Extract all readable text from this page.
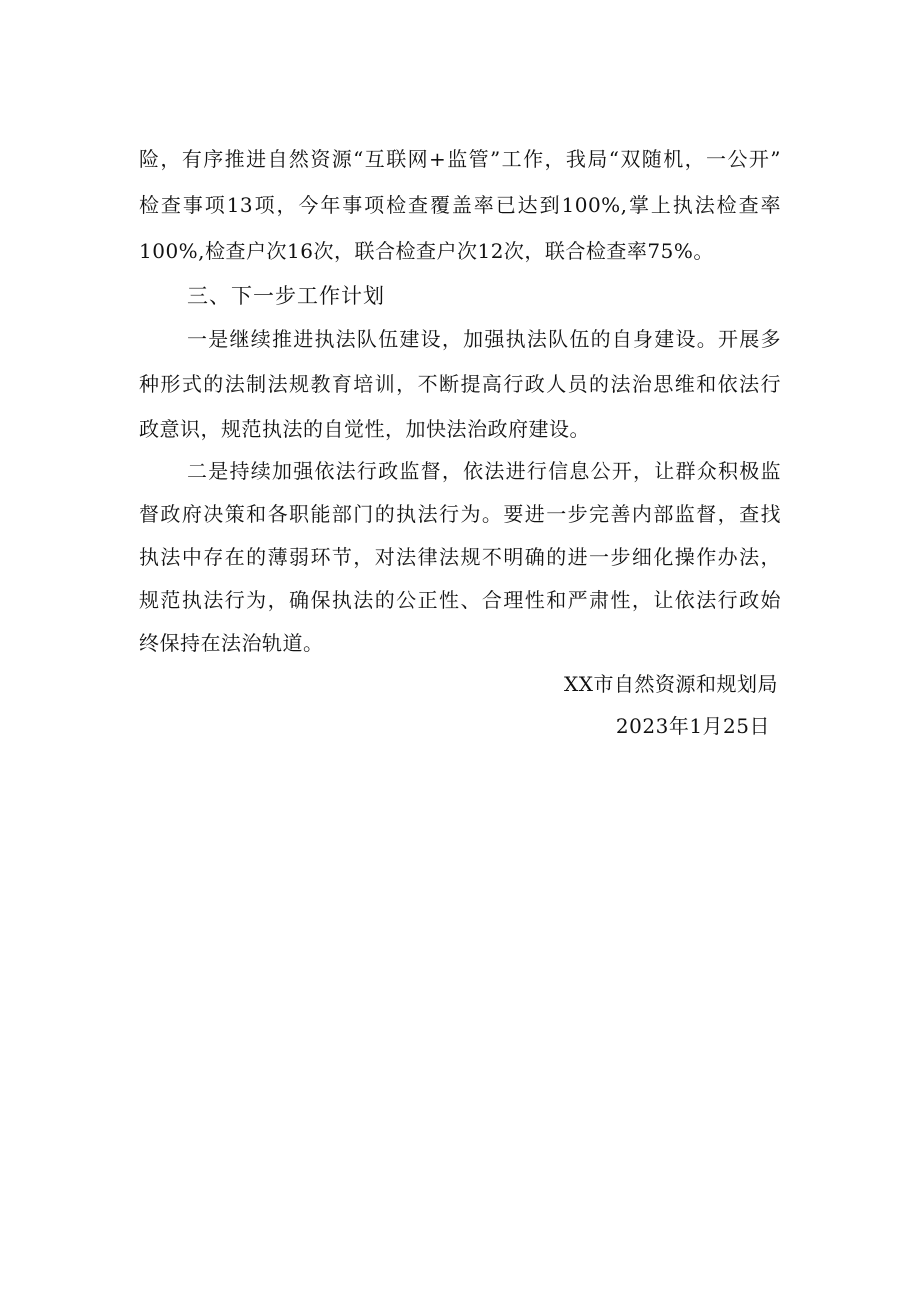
险，有序推进自然资源“互联网+监管”工作，我局“双随机，一公开”
检查事项13项，今年事项检查覆盖率已达到100%,掌上执法检查率
100%,检查户次16次，联合检查户次12次，联合检查率75%。
三、下一步工作计划
一是继续推进执法队伍建设，加强执法队伍的自身建设。开展多
种形式的法制法规教育培训，不断提高行政人员的法治思维和依法行
政意识，规范执法的自觉性，加快法治政府建设。
二是持续加强依法行政监督，依法进行信息公开，让群众积极监
督政府决策和各职能部门的执法行为。要进一步完善内部监督，查找
执法中存在的薄弱环节，对法律法规不明确的进一步细化操作办法，
规范执法行为，确保执法的公正性、合理性和严肃性，让依法行政始
终保持在法治轨道。
XX市自然资源和规划局
2023年1月25日
